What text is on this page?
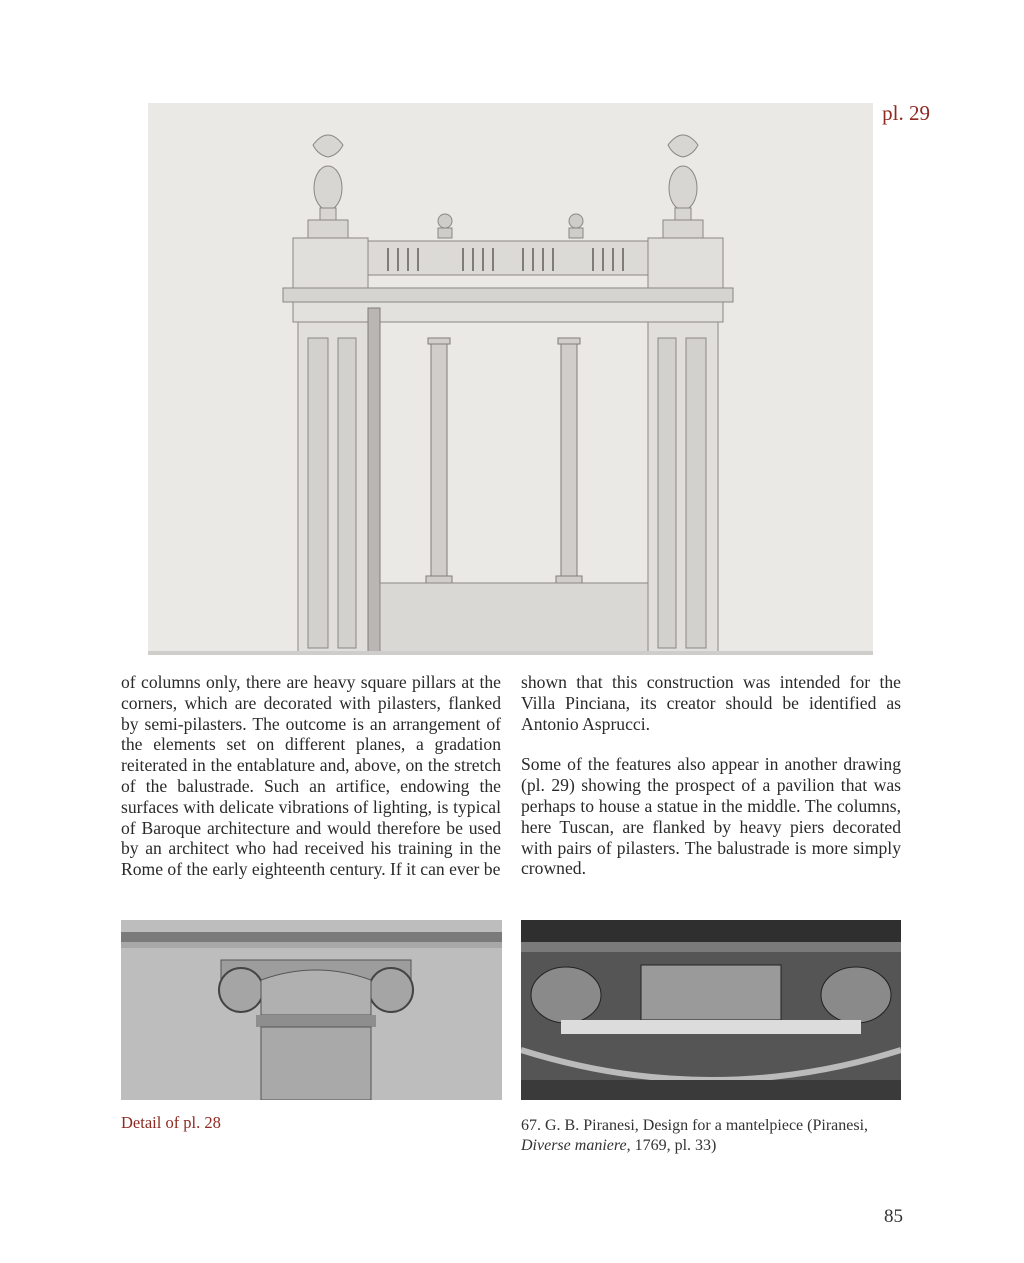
pl. 29

of columns only, there are heavy square pillars at the corners, which are decorated with pilasters, flanked by semi-pilasters. The outcome is an arrangement of the elements set on different planes, a gradation reiterated in the entablature and, above, on the stretch of the balustrade. Such an artifice, endowing the surfaces with delicate vibrations of lighting, is typical of Baroque architecture and would therefore be used by an architect who had received his training in the Rome of the early eighteenth century. If it can ever be

shown that this construction was intended for the Villa Pinciana, its creator should be identified as Antonio Asprucci.

Some of the features also appear in another drawing (pl. 29) showing the prospect of a pavilion that was perhaps to house a statue in the middle. The columns, here Tuscan, are flanked by heavy piers decorated with pairs of pilasters. The balustrade is more simply crowned.

Detail of pl. 28	67. G. B. Piranesi, Design for a mantelpiece (Piranesi, Diverse maniere, 1769, pl. 33)
85
